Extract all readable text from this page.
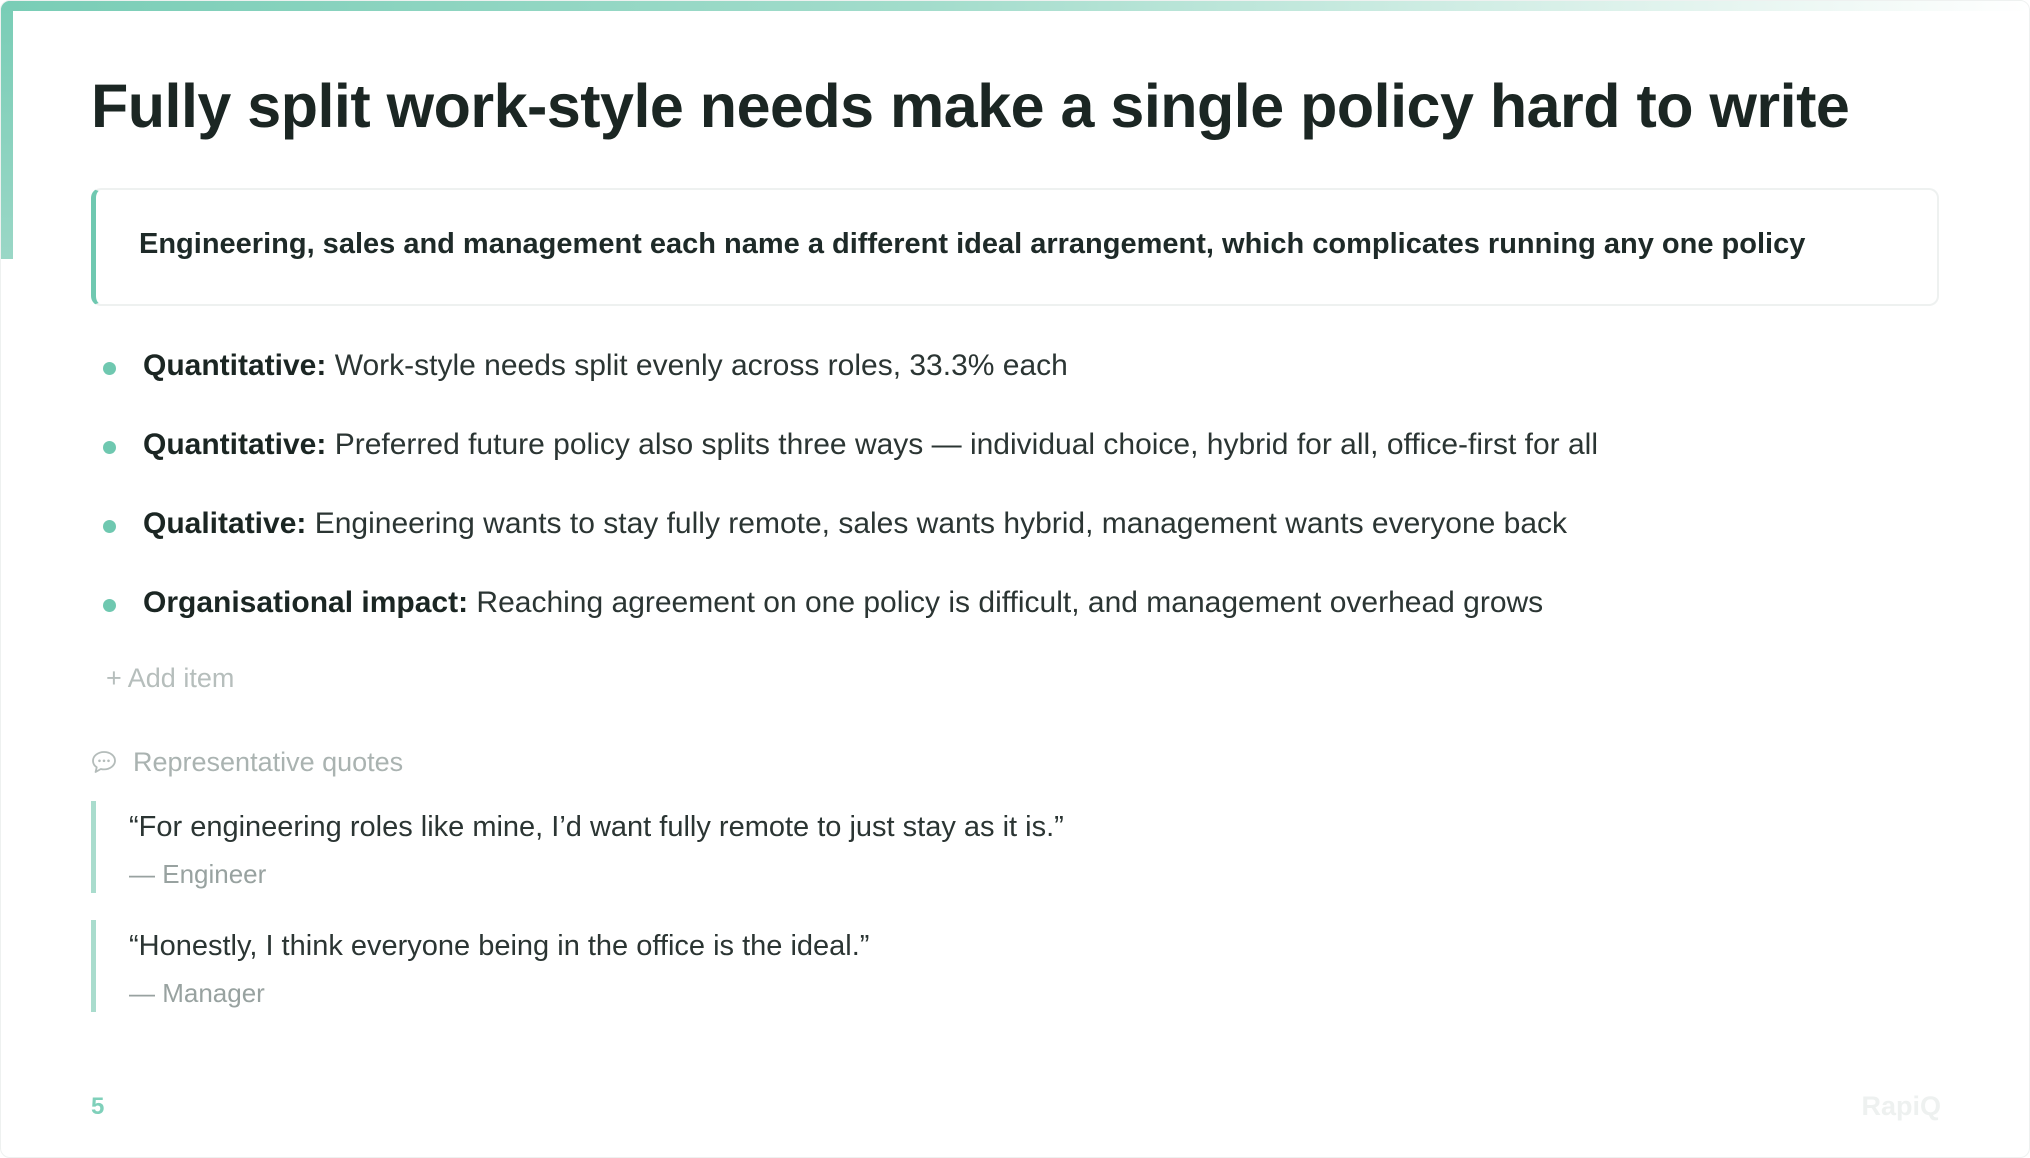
Fully split work-style needs make a single policy hard to write
Engineering, sales and management each name a different ideal arrangement, which complicates running any one policy
Quantitative: Work-style needs split evenly across roles, 33.3% each
Quantitative: Preferred future policy also splits three ways — individual choice, hybrid for all, office-first for all
Qualitative: Engineering wants to stay fully remote, sales wants hybrid, management wants everyone back
Organisational impact: Reaching agreement on one policy is difficult, and management overhead grows
+ Add item
Representative quotes
“For engineering roles like mine, I’d want fully remote to just stay as it is.”
— Engineer
“Honestly, I think everyone being in the office is the ideal.”
— Manager
5	RapiQ
